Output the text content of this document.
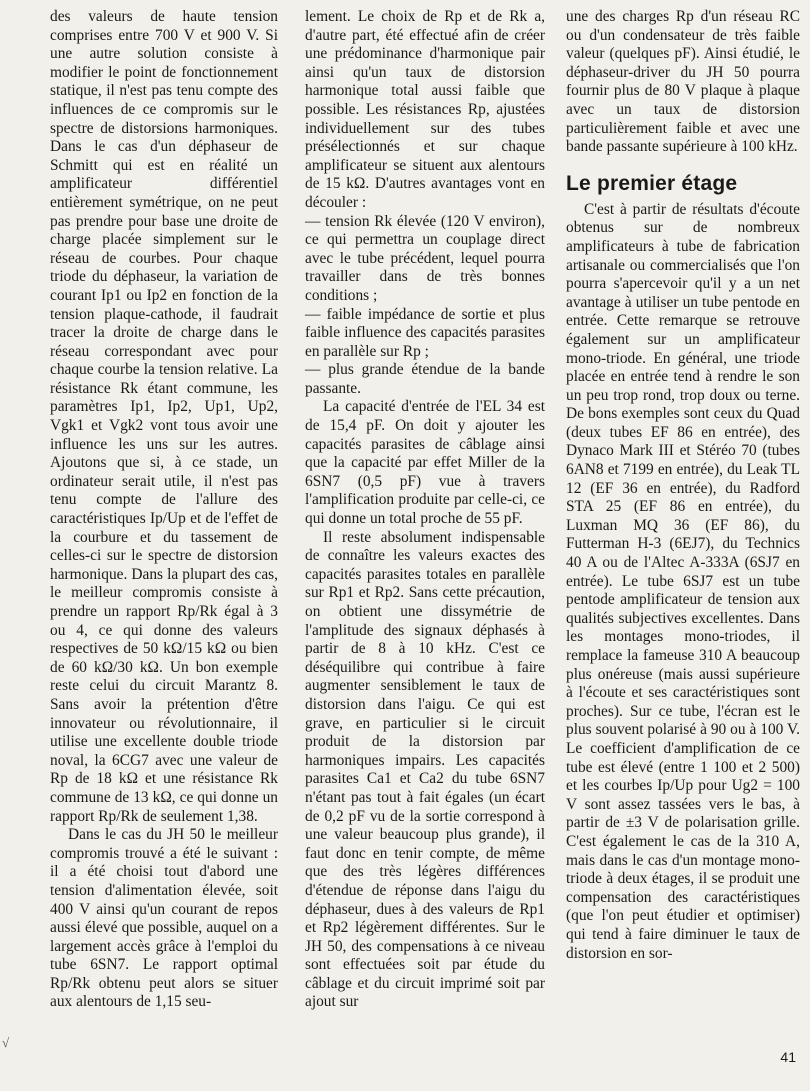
des valeurs de haute tension comprises entre 700 V et 900 V. Si une autre solution consiste à modifier le point de fonctionnement statique, il n'est pas tenu compte des influences de ce compromis sur le spectre de distorsions harmoniques. Dans le cas d'un déphaseur de Schmitt qui est en réalité un amplificateur différentiel entièrement symétrique, on ne peut pas prendre pour base une droite de charge placée simplement sur le réseau de courbes. Pour chaque triode du déphaseur, la variation de courant Ip1 ou Ip2 en fonction de la tension plaque-cathode, il faudrait tracer la droite de charge dans le réseau correspondant avec pour chaque courbe la tension relative. La résistance Rk étant commune, les paramètres Ip1, Ip2, Up1, Up2, Vgk1 et Vgk2 vont tous avoir une influence les uns sur les autres. Ajoutons que si, à ce stade, un ordinateur serait utile, il n'est pas tenu compte de l'allure des caractéristiques Ip/Up et de l'effet de la courbure et du tassement de celles-ci sur le spectre de distorsion harmonique. Dans la plupart des cas, le meilleur compromis consiste à prendre un rapport Rp/Rk égal à 3 ou 4, ce qui donne des valeurs respectives de 50 kΩ/15 kΩ ou bien de 60 kΩ/30 kΩ. Un bon exemple reste celui du circuit Marantz 8. Sans avoir la prétention d'être innovateur ou révolutionnaire, il utilise une excellente double triode noval, la 6CG7 avec une valeur de Rp de 18 kΩ et une résistance Rk commune de 13 kΩ, ce qui donne un rapport Rp/Rk de seulement 1,38.

Dans le cas du JH 50 le meilleur compromis trouvé a été le suivant : il a été choisi tout d'abord une tension d'alimentation élevée, soit 400 V ainsi qu'un courant de repos aussi élevé que possible, auquel on a largement accès grâce à l'emploi du tube 6SN7. Le rapport optimal Rp/Rk obtenu peut alors se situer aux alentours de 1,15 seu-

lement. Le choix de Rp et de Rk a, d'autre part, été effectué afin de créer une prédominance d'harmonique pair ainsi qu'un taux de distorsion harmonique total aussi faible que possible. Les résistances Rp, ajustées individuellement sur des tubes présélectionnés et sur chaque amplificateur se situent aux alentours de 15 kΩ. D'autres avantages vont en découler :

— tension Rk élevée (120 V environ), ce qui permettra un couplage direct avec le tube précédent, lequel pourra travailler dans de très bonnes conditions ;

— faible impédance de sortie et plus faible influence des capacités parasites en parallèle sur Rp ;

— plus grande étendue de la bande passante.

La capacité d'entrée de l'EL 34 est de 15,4 pF. On doit y ajouter les capacités parasites de câblage ainsi que la capacité par effet Miller de la 6SN7 (0,5 pF) vue à travers l'amplification produite par celle-ci, ce qui donne un total proche de 55 pF.

Il reste absolument indispensable de connaître les valeurs exactes des capacités parasites totales en parallèle sur Rp1 et Rp2. Sans cette précaution, on obtient une dissymétrie de l'amplitude des signaux déphasés à partir de 8 à 10 kHz. C'est ce déséquilibre qui contribue à faire augmenter sensiblement le taux de distorsion dans l'aigu. Ce qui est grave, en particulier si le circuit produit de la distorsion par harmoniques impairs. Les capacités parasites Ca1 et Ca2 du tube 6SN7 n'étant pas tout à fait égales (un écart de 0,2 pF vu de la sortie correspond à une valeur beaucoup plus grande), il faut donc en tenir compte, de même que des très légères différences d'étendue de réponse dans l'aigu du déphaseur, dues à des valeurs de Rp1 et Rp2 légèrement différentes. Sur le JH 50, des compensations à ce niveau sont effectuées soit par étude du câblage et du circuit imprimé soit par ajout sur

une des charges Rp d'un réseau RC ou d'un condensateur de très faible valeur (quelques pF). Ainsi étudié, le déphaseur-driver du JH 50 pourra fournir plus de 80 V plaque à plaque avec un taux de distorsion particulièrement faible et avec une bande passante supérieure à 100 kHz.

Le premier étage

C'est à partir de résultats d'écoute obtenus sur de nombreux amplificateurs à tube de fabrication artisanale ou commercialisés que l'on pourra s'apercevoir qu'il y a un net avantage à utiliser un tube pentode en entrée. Cette remarque se retrouve également sur un amplificateur mono-triode. En général, une triode placée en entrée tend à rendre le son un peu trop rond, trop doux ou terne. De bons exemples sont ceux du Quad (deux tubes EF 86 en entrée), des Dynaco Mark III et Stéréo 70 (tubes 6AN8 et 7199 en entrée), du Leak TL 12 (EF 36 en entrée), du Radford STA 25 (EF 86 en entrée), du Luxman MQ 36 (EF 86), du Futterman H-3 (6EJ7), du Technics 40 A ou de l'Altec A-333A (6SJ7 en entrée). Le tube 6SJ7 est un tube pentode amplificateur de tension aux qualités subjectives excellentes. Dans les montages mono-triodes, il remplace la fameuse 310 A beaucoup plus onéreuse (mais aussi supérieure à l'écoute et ses caractéristiques sont proches). Sur ce tube, l'écran est le plus souvent polarisé à 90 ou à 100 V. Le coefficient d'amplification de ce tube est élevé (entre 1 100 et 2 500) et les courbes Ip/Up pour Ug2 = 100 V sont assez tassées vers le bas, à partir de ±3 V de polarisation grille. C'est également le cas de la 310 A, mais dans le cas d'un montage mono-triode à deux étages, il se produit une compensation des caractéristiques (que l'on peut étudier et optimiser) qui tend à faire diminuer le taux de distorsion en sor-

√
41
